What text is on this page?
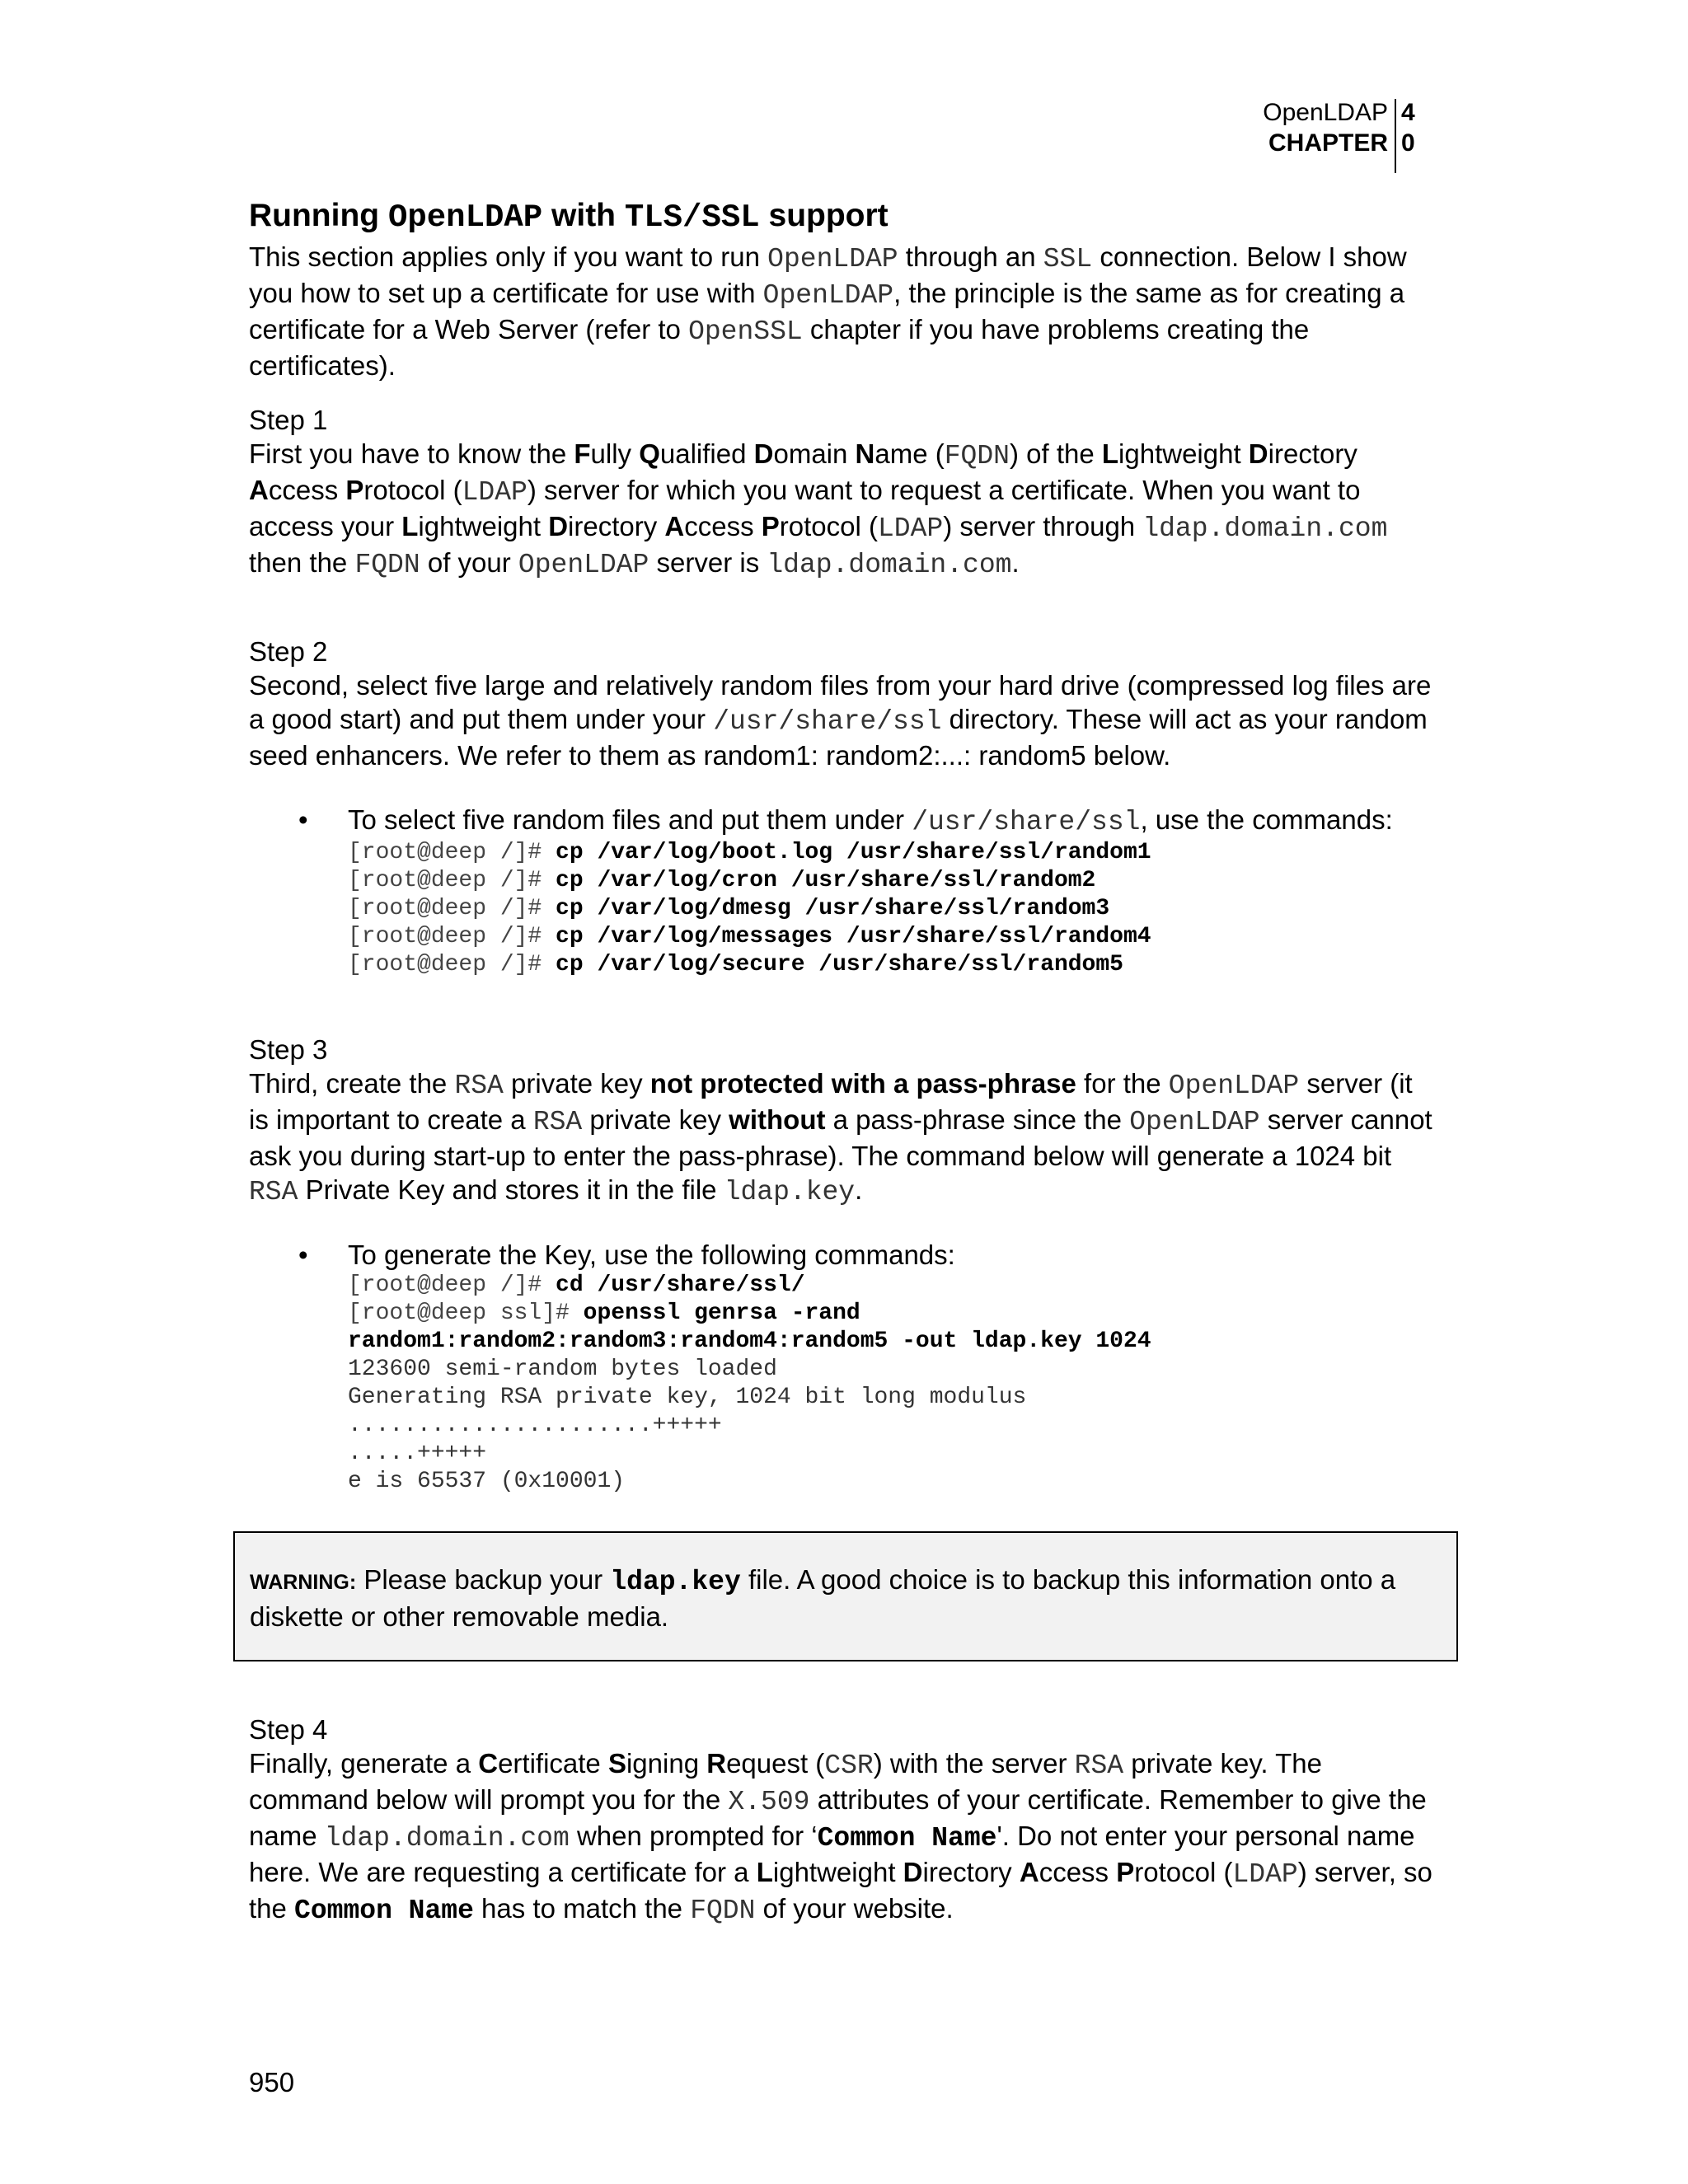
OpenLDAP
CHAPTER
4
0
Running OpenLDAP with TLS/SSL support

This section applies only if you want to run OpenLDAP through an SSL connection. Below I show you how to set up a certificate for use with OpenLDAP, the principle is the same as for creating a certificate for a Web Server (refer to OpenSSL chapter if you have problems creating the certificates).

Step 1

First you have to know the Fully Qualified Domain Name (FQDN) of the Lightweight Directory Access Protocol (LDAP) server for which you want to request a certificate. When you want to access your Lightweight Directory Access Protocol (LDAP) server through ldap.domain.com then the FQDN of your OpenLDAP server is ldap.domain.com.

Step 2

Second, select five large and relatively random files from your hard drive (compressed log files are a good start) and put them under your /usr/share/ssl directory. These will act as your random seed enhancers. We refer to them as random1: random2:...: random5 below.

• To select five random files and put them under /usr/share/ssl, use the commands:
[root@deep /]# cp /var/log/boot.log /usr/share/ssl/random1
[root@deep /]# cp /var/log/cron /usr/share/ssl/random2
[root@deep /]# cp /var/log/dmesg /usr/share/ssl/random3
[root@deep /]# cp /var/log/messages /usr/share/ssl/random4
[root@deep /]# cp /var/log/secure /usr/share/ssl/random5
Step 3

Third, create the RSA private key not protected with a pass-phrase for the OpenLDAP server (it is important to create a RSA private key without a pass-phrase since the OpenLDAP server cannot ask you during start-up to enter the pass-phrase). The command below will generate a 1024 bit RSA Private Key and stores it in the file ldap.key.

• To generate the Key, use the following commands:
[root@deep /]# cd /usr/share/ssl/
[root@deep ssl]# openssl genrsa -rand
random1:random2:random3:random4:random5 -out ldap.key 1024
123600 semi-random bytes loaded
Generating RSA private key, 1024 bit long modulus
......................+++++
.....+++++
e is 65537 (0x10001)
WARNING: Please backup your ldap.key file. A good choice is to backup this information onto a diskette or other removable media.
Step 4

Finally, generate a Certificate Signing Request (CSR) with the server RSA private key. The command below will prompt you for the X.509 attributes of your certificate. Remember to give the name ldap.domain.com when prompted for ‘Common Name'. Do not enter your personal name here. We are requesting a certificate for a Lightweight Directory Access Protocol (LDAP) server, so the Common Name has to match the FQDN of your website.

950
